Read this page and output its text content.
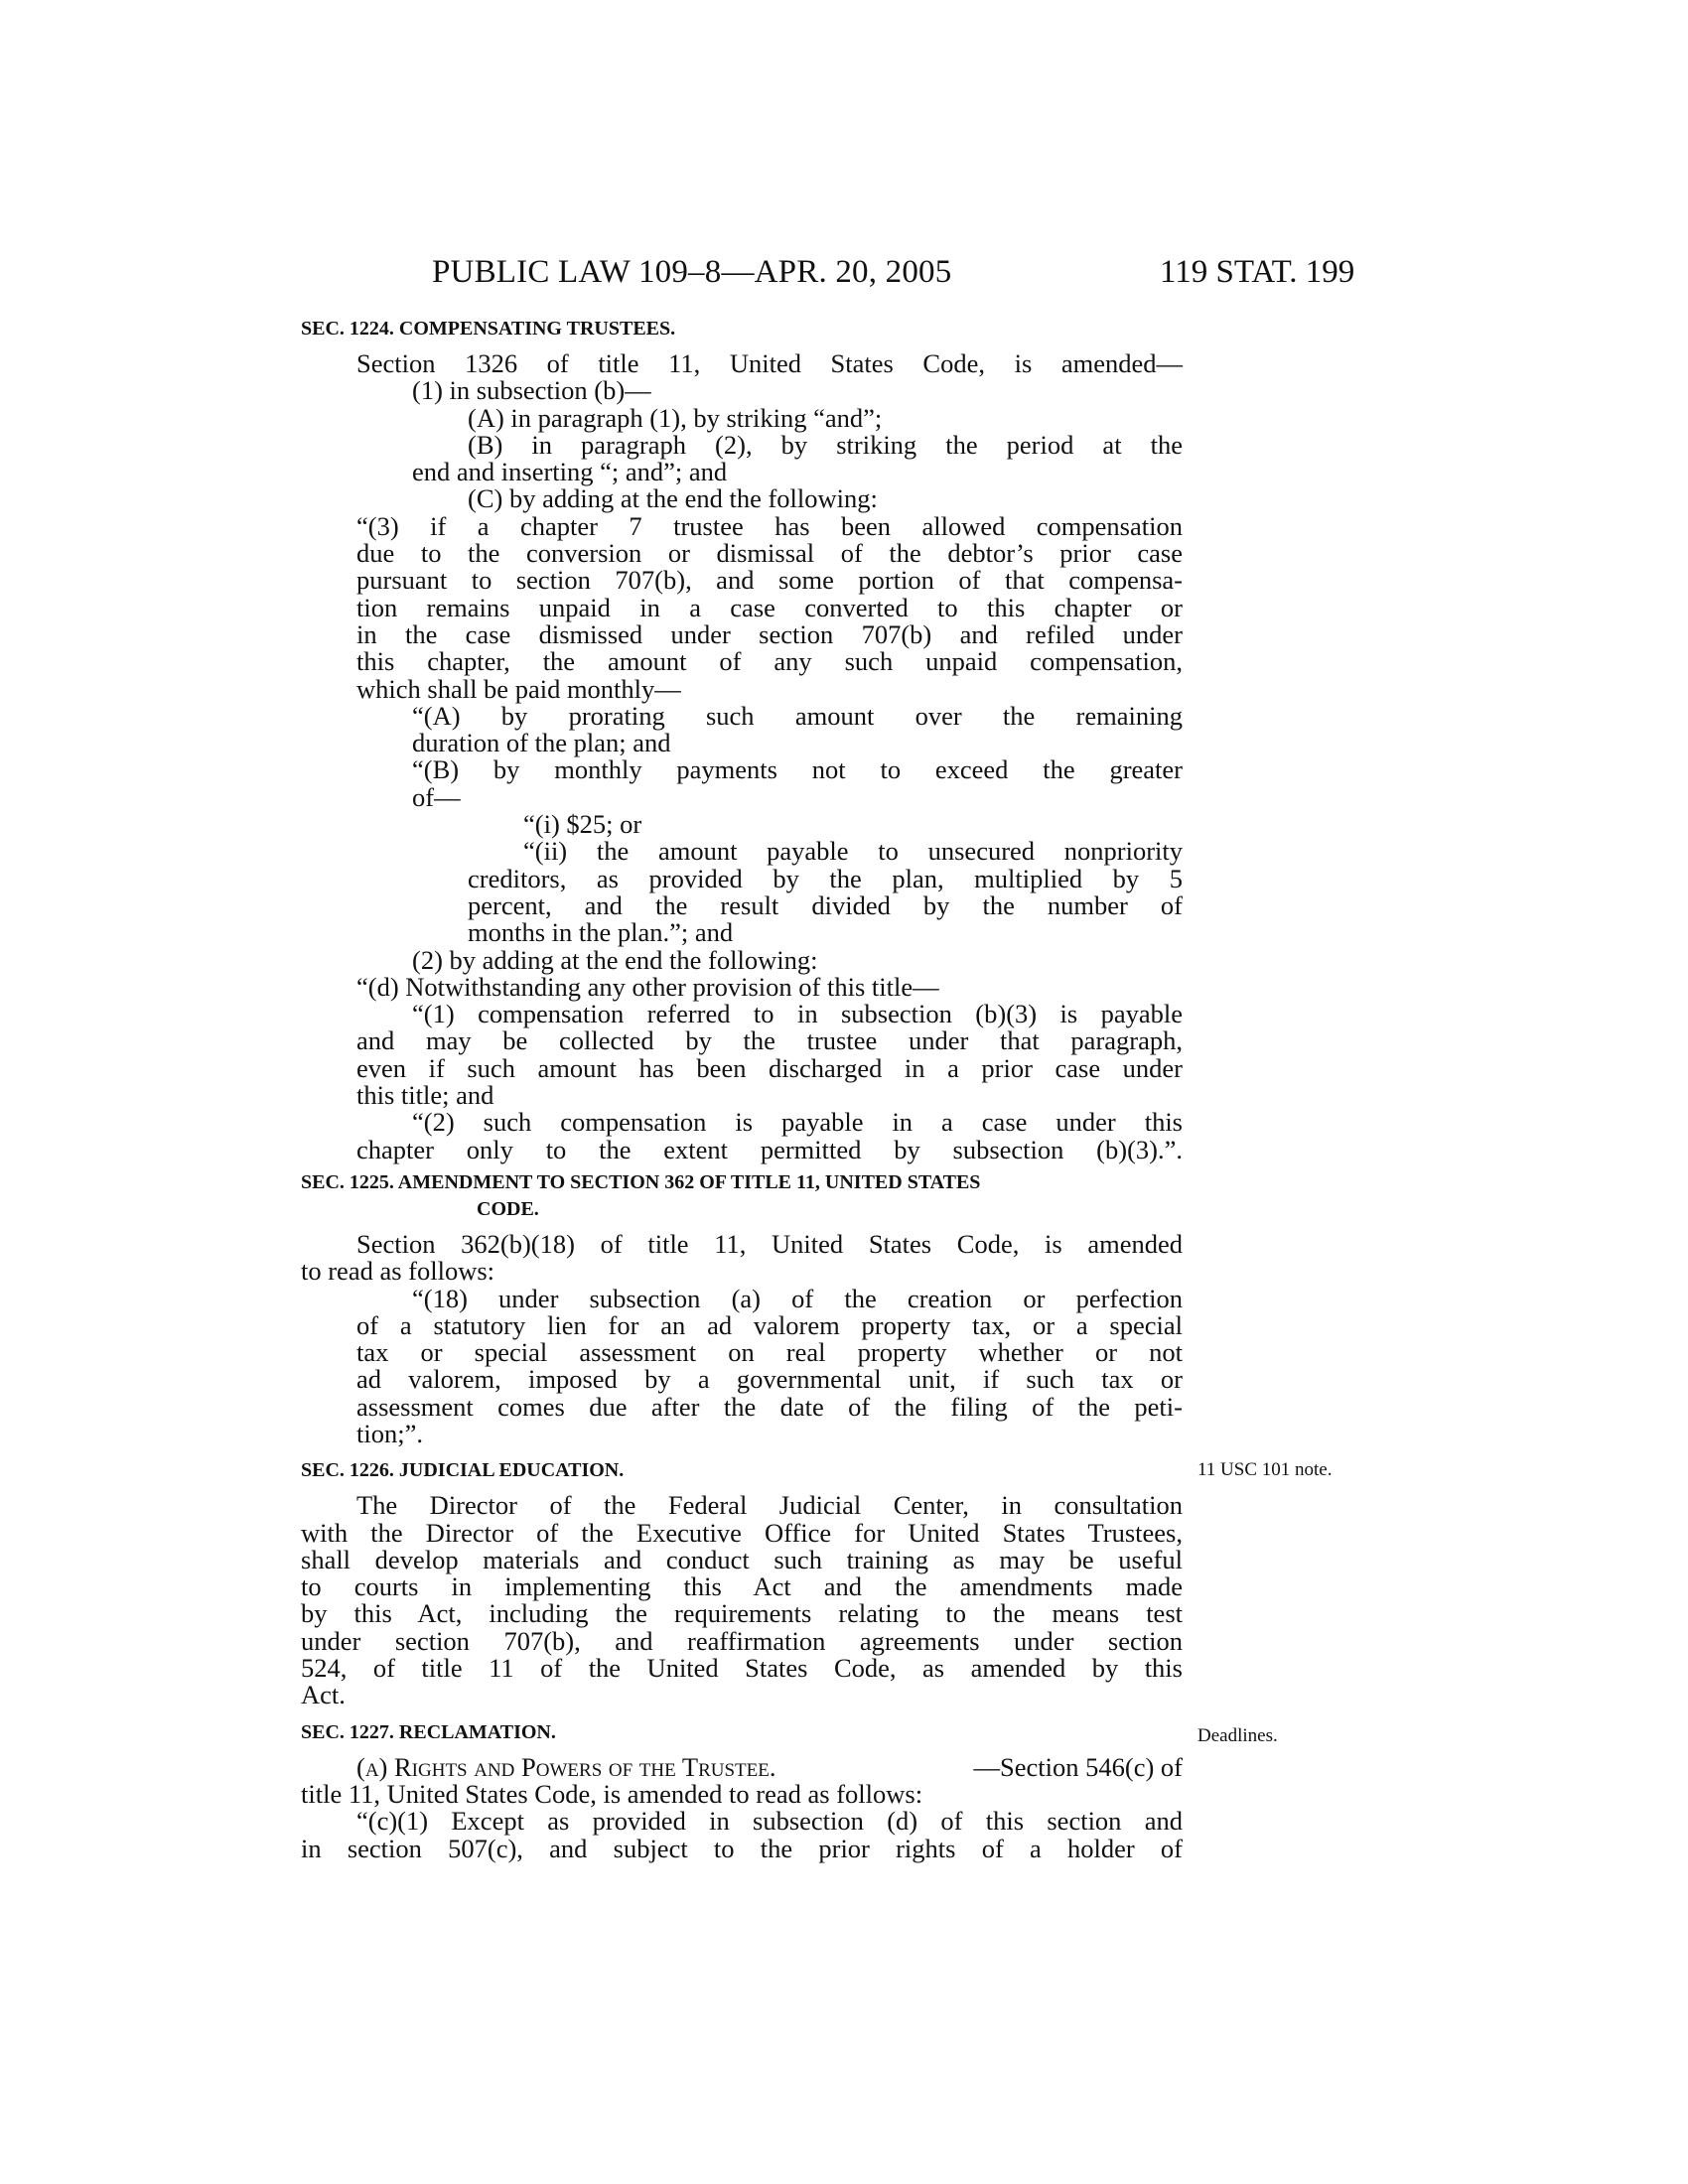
PUBLIC LAW 109–8—APR. 20, 2005	119 STAT. 199
11 USC 101 note.
Deadlines.
SEC. 1224. COMPENSATING TRUSTEES.
Section 1326 of title 11, United States Code, is amended—
(1) in subsection (b)—
(A) in paragraph (1), by striking “and”;
(B) in paragraph (2), by striking the period at the
end and inserting “; and”; and
(C) by adding at the end the following:
“(3) if a chapter 7 trustee has been allowed compensation
due to the conversion or dismissal of the debtor’s prior case
pursuant to section 707(b), and some portion of that compensa-
tion remains unpaid in a case converted to this chapter or
in the case dismissed under section 707(b) and refiled under
this chapter, the amount of any such unpaid compensation,
which shall be paid monthly—
“(A) by prorating such amount over the remaining
duration of the plan; and
“(B) by monthly payments not to exceed the greater
of—
“(i) $25; or
“(ii) the amount payable to unsecured nonpriority
creditors, as provided by the plan, multiplied by 5
percent, and the result divided by the number of
months in the plan.”; and
(2) by adding at the end the following:
“(d) Notwithstanding any other provision of this title—
“(1) compensation referred to in subsection (b)(3) is payable
and may be collected by the trustee under that paragraph,
even if such amount has been discharged in a prior case under
this title; and
“(2) such compensation is payable in a case under this
chapter only to the extent permitted by subsection (b)(3).”.
SEC. 1225. AMENDMENT TO SECTION 362 OF TITLE 11, UNITED STATES
CODE.
Section 362(b)(18) of title 11, United States Code, is amended
to read as follows:
“(18) under subsection (a) of the creation or perfection
of a statutory lien for an ad valorem property tax, or a special
tax or special assessment on real property whether or not
ad valorem, imposed by a governmental unit, if such tax or
assessment comes due after the date of the filing of the peti-
tion;”.
SEC. 1226. JUDICIAL EDUCATION.
The Director of the Federal Judicial Center, in consultation
with the Director of the Executive Office for United States Trustees,
shall develop materials and conduct such training as may be useful
to courts in implementing this Act and the amendments made
by this Act, including the requirements relating to the means test
under section 707(b), and reaffirmation agreements under section
524, of title 11 of the United States Code, as amended by this
Act.
SEC. 1227. RECLAMATION.
(a) Rights and Powers of the Trustee.	—Section 546(c) of
title 11, United States Code, is amended to read as follows:
“(c)(1) Except as provided in subsection (d) of this section and
in section 507(c), and subject to the prior rights of a holder of
